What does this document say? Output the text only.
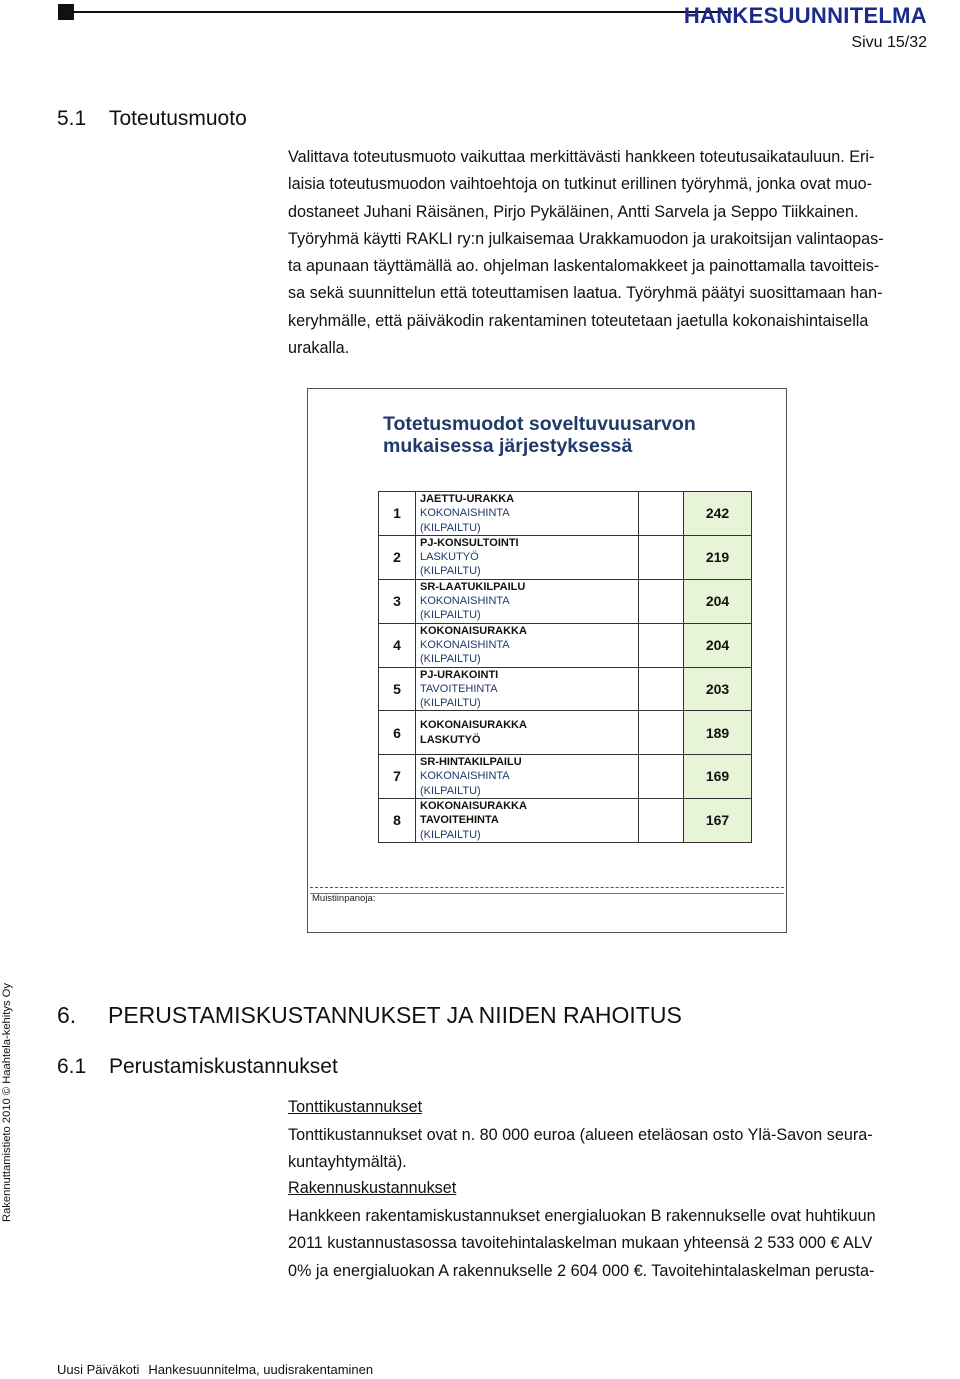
HANKESUUNNITELMA
Sivu 15/32
5.1 Toteutusmuoto
Valittava toteutusmuoto vaikuttaa merkittävästi hankkeen toteutusaikatauluun. Eri-
laisia toteutusmuodon vaihtoehtoja on tutkinut erillinen työryhmä, jonka ovat muo-
dostaneet Juhani Räisänen, Pirjo Pykäläinen, Antti Sarvela ja Seppo Tiikkainen.
Työryhmä käytti RAKLI ry:n julkaisemaa Urakkamuodon ja urakoitsijan valintaopas-
ta apunaan täyttämällä ao. ohjelman laskentalomakkeet ja painottamalla tavoitteis-
sa sekä suunnittelun että toteuttamisen laatua. Työryhmä päätyi suosittamaan han-
keryhmälle, että päiväkodin rakentaminen toteutetaan jaetulla kokonaishintaisella
urakalla.
Totetusmuodot soveltuvuusarvon
mukaisessa järjestyksessä
1	JAETTU-URAKKA
KOKONAISHINTA
(KILPAILTU)		242
2	PJ-KONSULTOINTI
LASKUTYÖ
(KILPAILTU)		219
3	SR-LAATUKILPAILU
KOKONAISHINTA
(KILPAILTU)		204
4	KOKONAISURAKKA
KOKONAISHINTA
(KILPAILTU)		204
5	PJ-URAKOINTI
TAVOITEHINTA
(KILPAILTU)		203
6	KOKONAISURAKKA
LASKUTYÖ		189
7	SR-HINTAKILPAILU
KOKONAISHINTA
(KILPAILTU)		169
8	KOKONAISURAKKA
TAVOITEHINTA
(KILPAILTU)		167
Muistiinpanoja:
6. PERUSTAMISKUSTANNUKSET JA NIIDEN RAHOITUS
6.1 Perustamiskustannukset
Tonttikustannukset
Tonttikustannukset ovat n. 80 000 euroa (alueen eteläosan osto Ylä-Savon seura-
kuntayhtymältä).
Rakennuskustannukset
Hankkeen rakentamiskustannukset energialuokan B rakennukselle ovat huhtikuun
2011 kustannustasossa tavoitehintalaskelman mukaan yhteensä 2 533 000 € ALV
0% ja energialuokan A rakennukselle 2 604 000 €. Tavoitehintalaskelman perusta-
Rakennuttamistieto 2010 © Haahtela-kehitys Oy
Uusi Päiväkoti Hankesuunnitelma, uudisrakentaminen
